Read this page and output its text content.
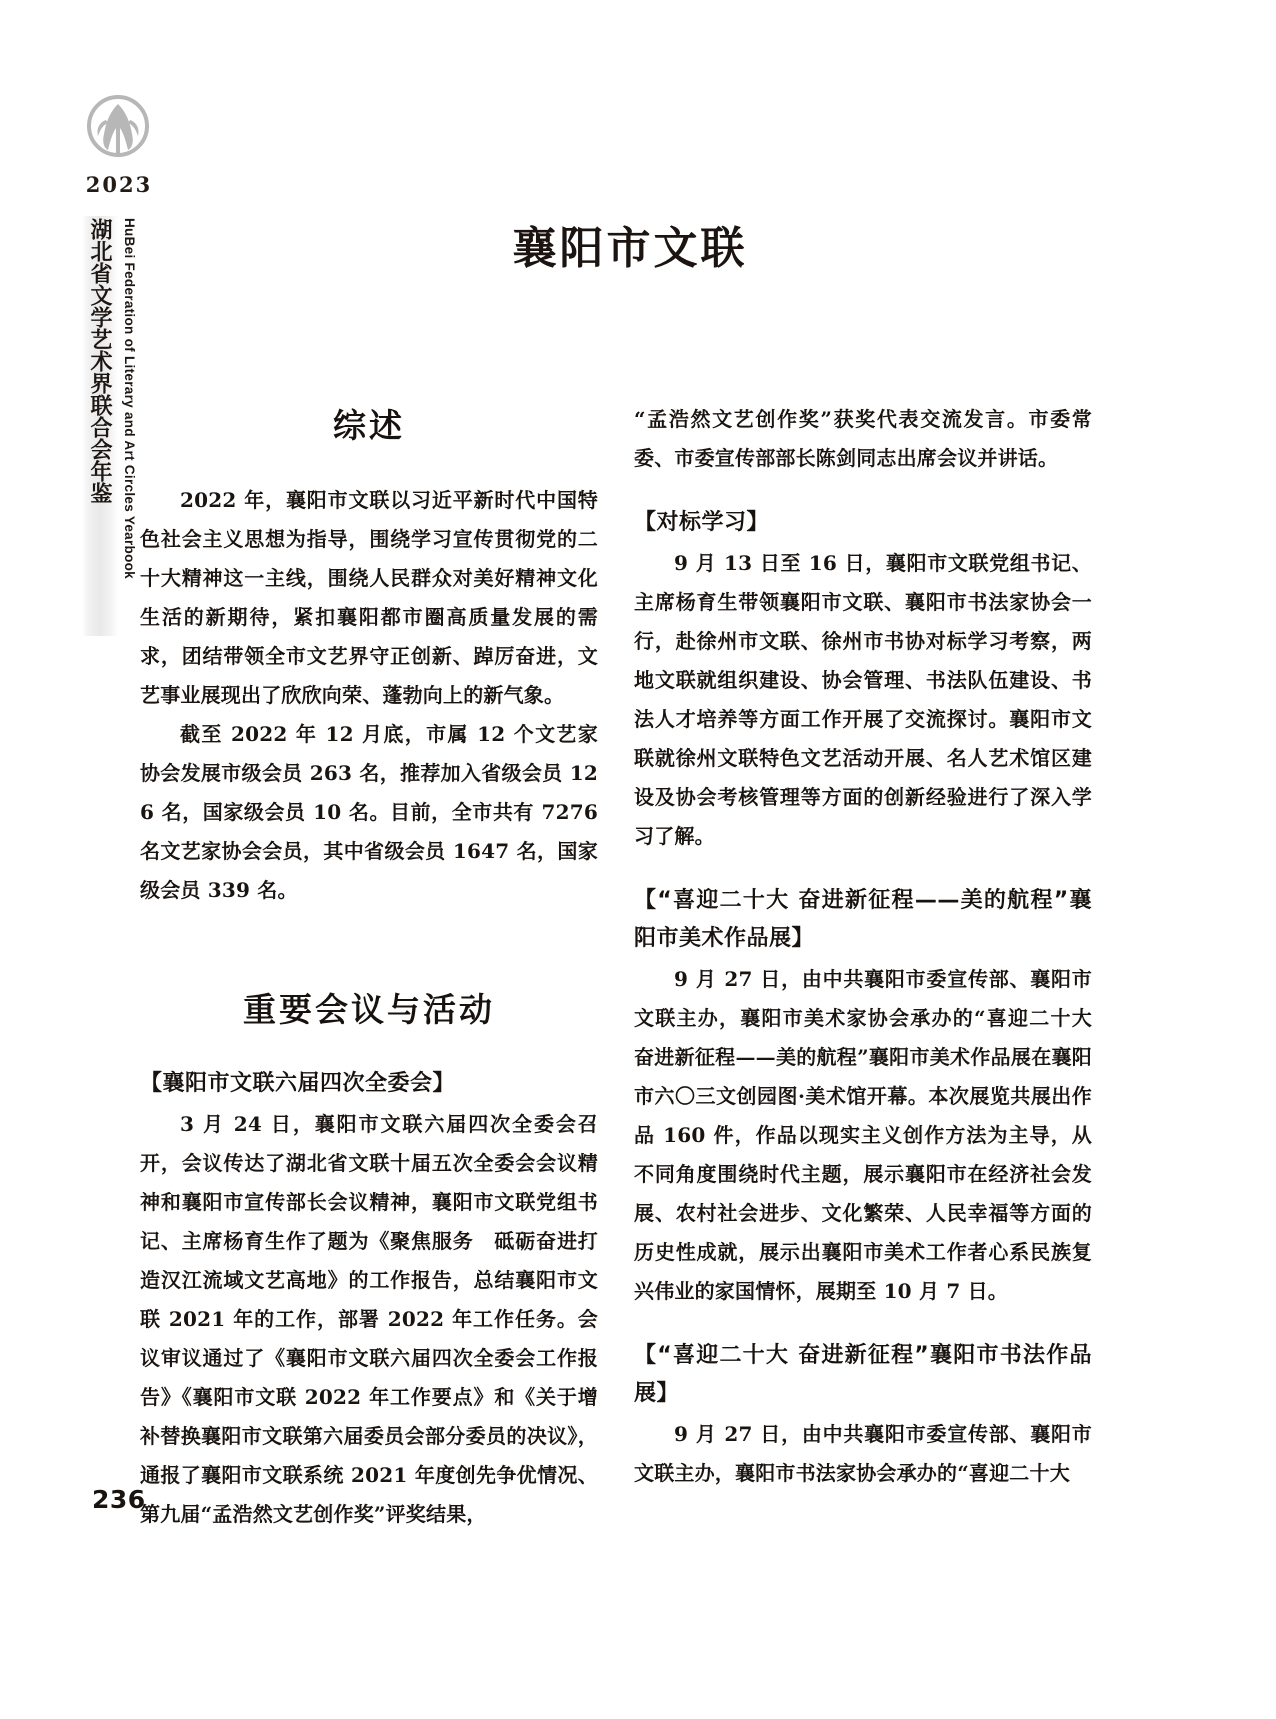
2023
湖北省文学艺术界联合会年鉴 HuBei Federation of Literary and Art Circles Yearbook
236
襄阳市文联
综述

2022 年，襄阳市文联以习近平新时代中国特色社会主义思想为指导，围绕学习宣传贯彻党的二十大精神这一主线，围绕人民群众对美好精神文化生活的新期待，紧扣襄阳都市圈高质量发展的需求，团结带领全市文艺界守正创新、踔厉奋进，文艺事业展现出了欣欣向荣、蓬勃向上的新气象。

截至 2022 年 12 月底，市属 12 个文艺家协会发展市级会员 263 名，推荐加入省级会员 126 名，国家级会员 10 名。目前，全市共有 7276 名文艺家协会会员，其中省级会员 1647 名，国家级会员 339 名。

重要会议与活动
【襄阳市文联六届四次全委会】

3 月 24 日，襄阳市文联六届四次全委会召开，会议传达了湖北省文联十届五次全委会会议精神和襄阳市宣传部长会议精神，襄阳市文联党组书记、主席杨育生作了题为《聚焦服务　砥砺奋进打造汉江流域文艺高地》的工作报告，总结襄阳市文联 2021 年的工作，部署 2022 年工作任务。会议审议通过了《襄阳市文联六届四次全委会工作报告》《襄阳市文联 2022 年工作要点》和《关于增补替换襄阳市文联第六届委员会部分委员的决议》，通报了襄阳市文联系统 2021 年度创先争优情况、第九届“孟浩然文艺创作奖”评奖结果，

“孟浩然文艺创作奖”获奖代表交流发言。市委常委、市委宣传部部长陈剑同志出席会议并讲话。

【对标学习】

9 月 13 日至 16 日，襄阳市文联党组书记、主席杨育生带领襄阳市文联、襄阳市书法家协会一行，赴徐州市文联、徐州市书协对标学习考察，两地文联就组织建设、协会管理、书法队伍建设、书法人才培养等方面工作开展了交流探讨。襄阳市文联就徐州文联特色文艺活动开展、名人艺术馆区建设及协会考核管理等方面的创新经验进行了深入学习了解。

【“喜迎二十大 奋进新征程——美的航程”襄阳市美术作品展】

9 月 27 日，由中共襄阳市委宣传部、襄阳市文联主办，襄阳市美术家协会承办的“喜迎二十大 奋进新征程——美的航程”襄阳市美术作品展在襄阳市六〇三文创园图·美术馆开幕。本次展览共展出作品 160 件，作品以现实主义创作方法为主导，从不同角度围绕时代主题，展示襄阳市在经济社会发展、农村社会进步、文化繁荣、人民幸福等方面的历史性成就，展示出襄阳市美术工作者心系民族复兴伟业的家国情怀，展期至 10 月 7 日。

【“喜迎二十大 奋进新征程”襄阳市书法作品展】

9 月 27 日，由中共襄阳市委宣传部、襄阳市文联主办，襄阳市书法家协会承办的“喜迎二十大
